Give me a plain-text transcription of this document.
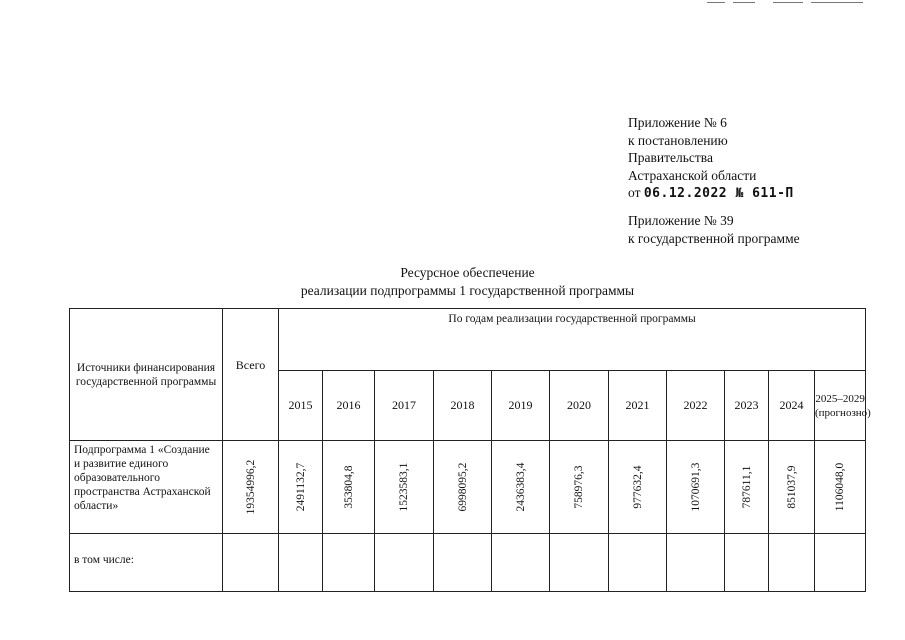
Приложение № 6
к постановлению
Правительства
Астраханской области
от 06.12.2022 № 611-П
Приложение № 39
к государственной программе
Ресурсное обеспечение
реализации подпрограммы 1 государственной программы
Источники финансирования государственной программы	Всего	По годам реализации государственной программы										
		2015	2016	2017	2018	2019	2020	2021	2022	2023	2024	2025–2029 (прогнозно)
Подпрограмма 1 «Создание и развитие единого образовательного пространства Астраханской области»	19354996,2	2491132,7	353804,8	1523583,1	6998095,2	2436383,4	758976,3	977632,4	1070691,3	787611,1	851037,9	1106048,0

в том числе:												
